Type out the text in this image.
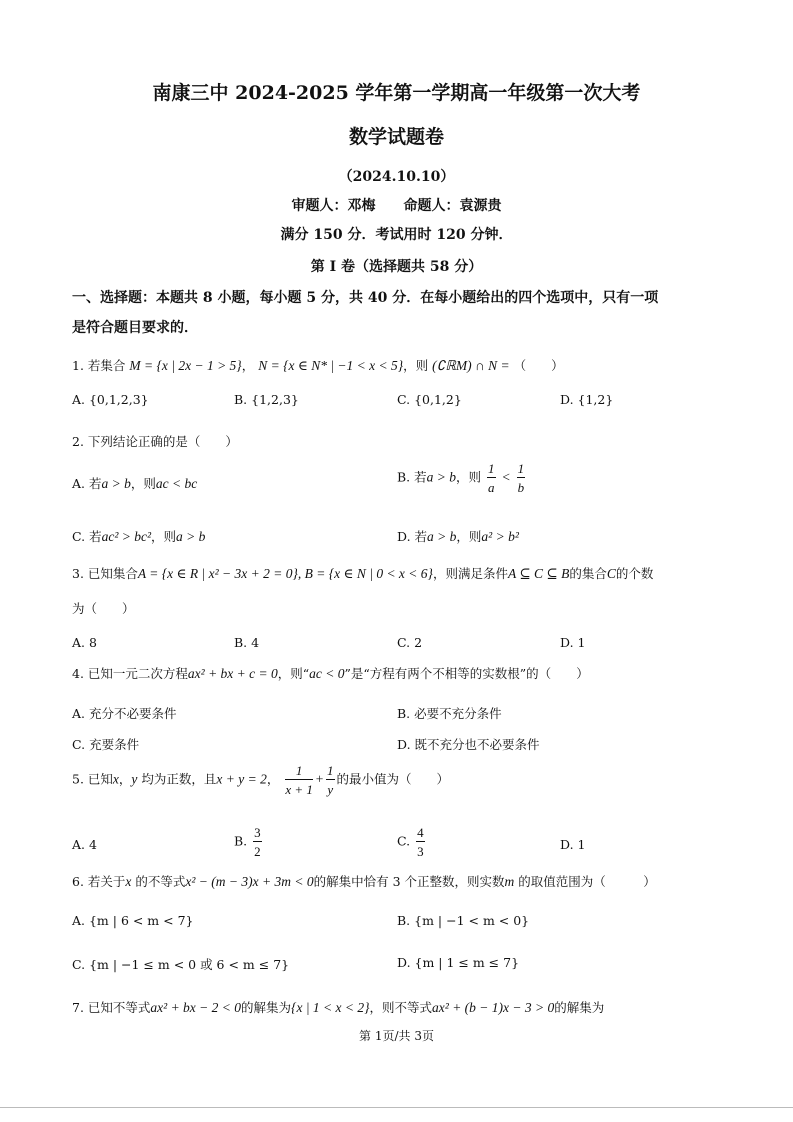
南康三中 2024-2025 学年第一学期高一年级第一次大考
数学试题卷
（2024.10.10）
审题人：邓梅　　命题人：袁源贵
满分 150 分．考试用时 120 分钟．
第 I 卷（选择题共 58 分）
一、选择题：本题共 8 小题，每小题 5 分，共 40 分．在每小题给出的四个选项中，只有一项
是符合题目要求的．
1. 若集合 M = {x | 2x − 1 > 5}， N = {x ∈ N* | −1 < x < 5}，则 (∁ℝM) ∩ N = （　　）
A. {0,1,2,3}	B. {1,2,3}	C. {0,1,2}	D. {1,2}
2. 下列结论正确的是（　　）
A. 若a > b，则ac < bc	B. 若a > b，则 $\frac{1}{a} < \frac{1}{b}$
C. 若ac² > bc²，则a > b	D. 若a > b，则a² > b²
3. 已知集合A = {x ∈ R | x² − 3x + 2 = 0}, B = {x ∈ N | 0 < x < 6}，则满足条件A ⊆ C ⊆ B的集合C的个数
为（　　）
A. 8	B. 4	C. 2	D. 1
4. 已知一元二次方程ax² + bx + c = 0，则“ac < 0”是“方程有两个不相等的实数根”的（　　）
A. 充分不必要条件	B. 必要不充分条件
C. 充要条件	D. 既不充分也不必要条件
5. 已知x，y 均为正数，且x + y = 2， $\frac{1}{x + 1} + \frac{1}{y}$ 的最小值为（　　）
A. 4	B. $\frac{3}{2}$	C. $\frac{4}{3}$	D. 1
6. 若关于x 的不等式x² − (m − 3)x + 3m < 0的解集中恰有 3 个正整数，则实数m 的取值范围为（　　　）
A. {m | 6 < m < 7}	B. {m | −1 < m < 0}
C. {m | −1 ≤ m < 0 或 6 < m ≤ 7}	D. {m | 1 ≤ m ≤ 7}
7. 已知不等式ax² + bx − 2 < 0的解集为{x | 1 < x < 2}，则不等式ax² + (b − 1)x − 3 > 0的解集为
第 1页/共 3页
